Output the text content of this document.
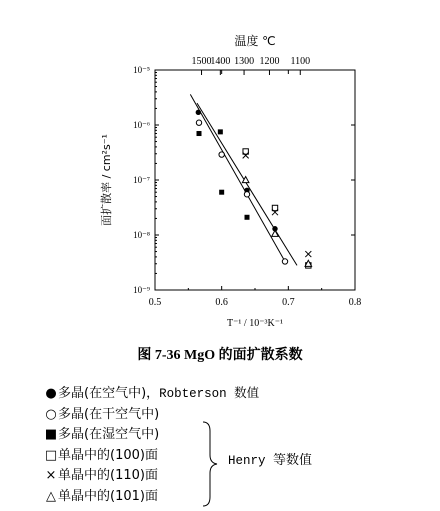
1500
1400 1300 1200 1100
0.5	0.6	0.7	0.8
10⁻⁹
10⁻⁸
10⁻⁷
10⁻⁶
10⁻⁵
温度 ℃
T⁻¹ / 10⁻³K⁻¹
面扩散率 / cm²s⁻¹
图 7-36 MgO 的面扩散系数
●多晶(在空气中)，Robterson 数值
○多晶(在干空气中)
■多晶(在湿空气中)
□单晶中的(100)面
× 单晶中的(110)面
△ 单晶中的(101)面
Henry 等数值
